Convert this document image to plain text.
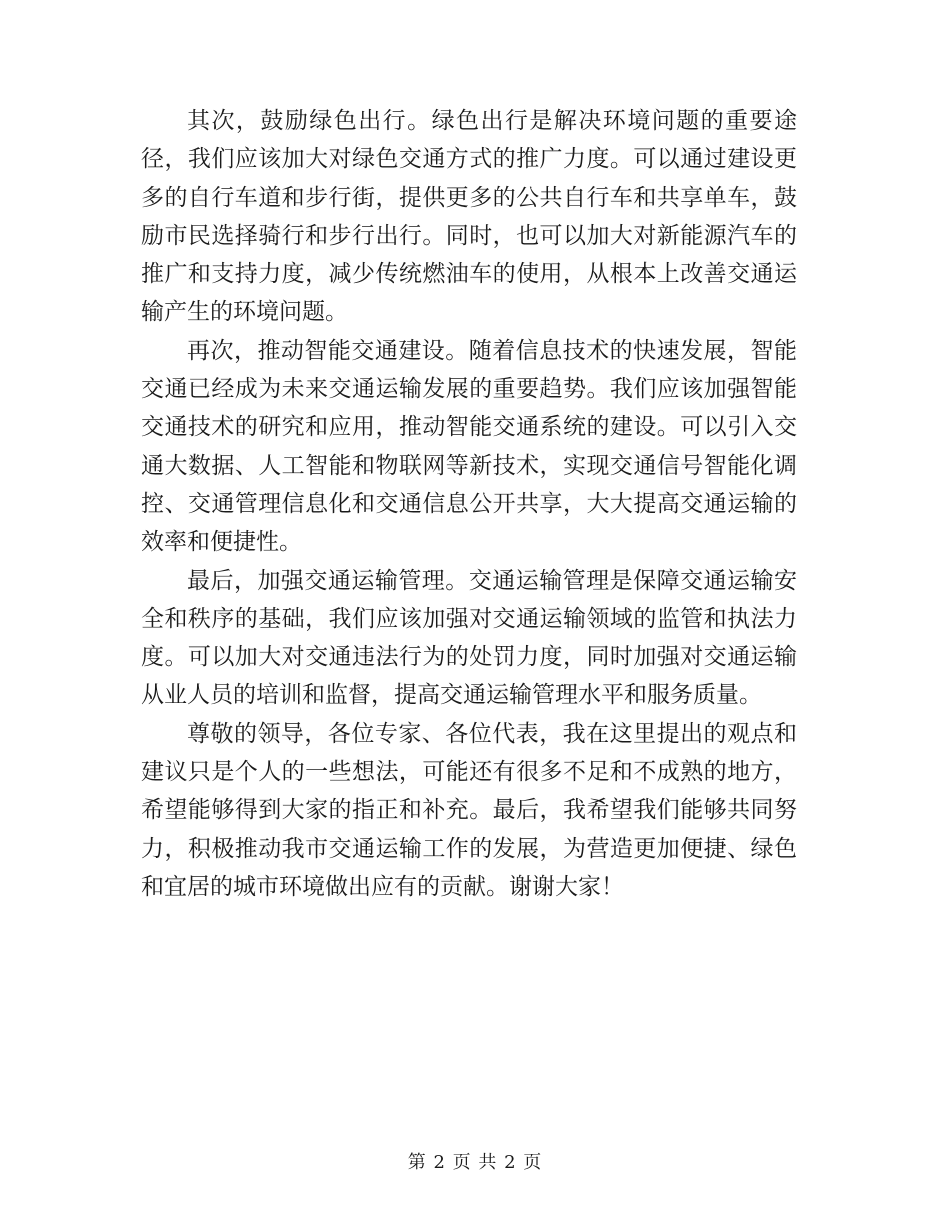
其次，鼓励绿色出行。绿色出行是解决环境问题的重要途径，我们应该加大对绿色交通方式的推广力度。可以通过建设更多的自行车道和步行街，提供更多的公共自行车和共享单车，鼓励市民选择骑行和步行出行。同时，也可以加大对新能源汽车的推广和支持力度，减少传统燃油车的使用，从根本上改善交通运输产生的环境问题。

再次，推动智能交通建设。随着信息技术的快速发展，智能交通已经成为未来交通运输发展的重要趋势。我们应该加强智能交通技术的研究和应用，推动智能交通系统的建设。可以引入交通大数据、人工智能和物联网等新技术，实现交通信号智能化调控、交通管理信息化和交通信息公开共享，大大提高交通运输的效率和便捷性。

最后，加强交通运输管理。交通运输管理是保障交通运输安全和秩序的基础，我们应该加强对交通运输领域的监管和执法力度。可以加大对交通违法行为的处罚力度，同时加强对交通运输从业人员的培训和监督，提高交通运输管理水平和服务质量。

尊敬的领导，各位专家、各位代表，我在这里提出的观点和建议只是个人的一些想法，可能还有很多不足和不成熟的地方，希望能够得到大家的指正和补充。最后，我希望我们能够共同努力，积极推动我市交通运输工作的发展，为营造更加便捷、绿色和宜居的城市环境做出应有的贡献。谢谢大家！

第 2 页 共 2 页
